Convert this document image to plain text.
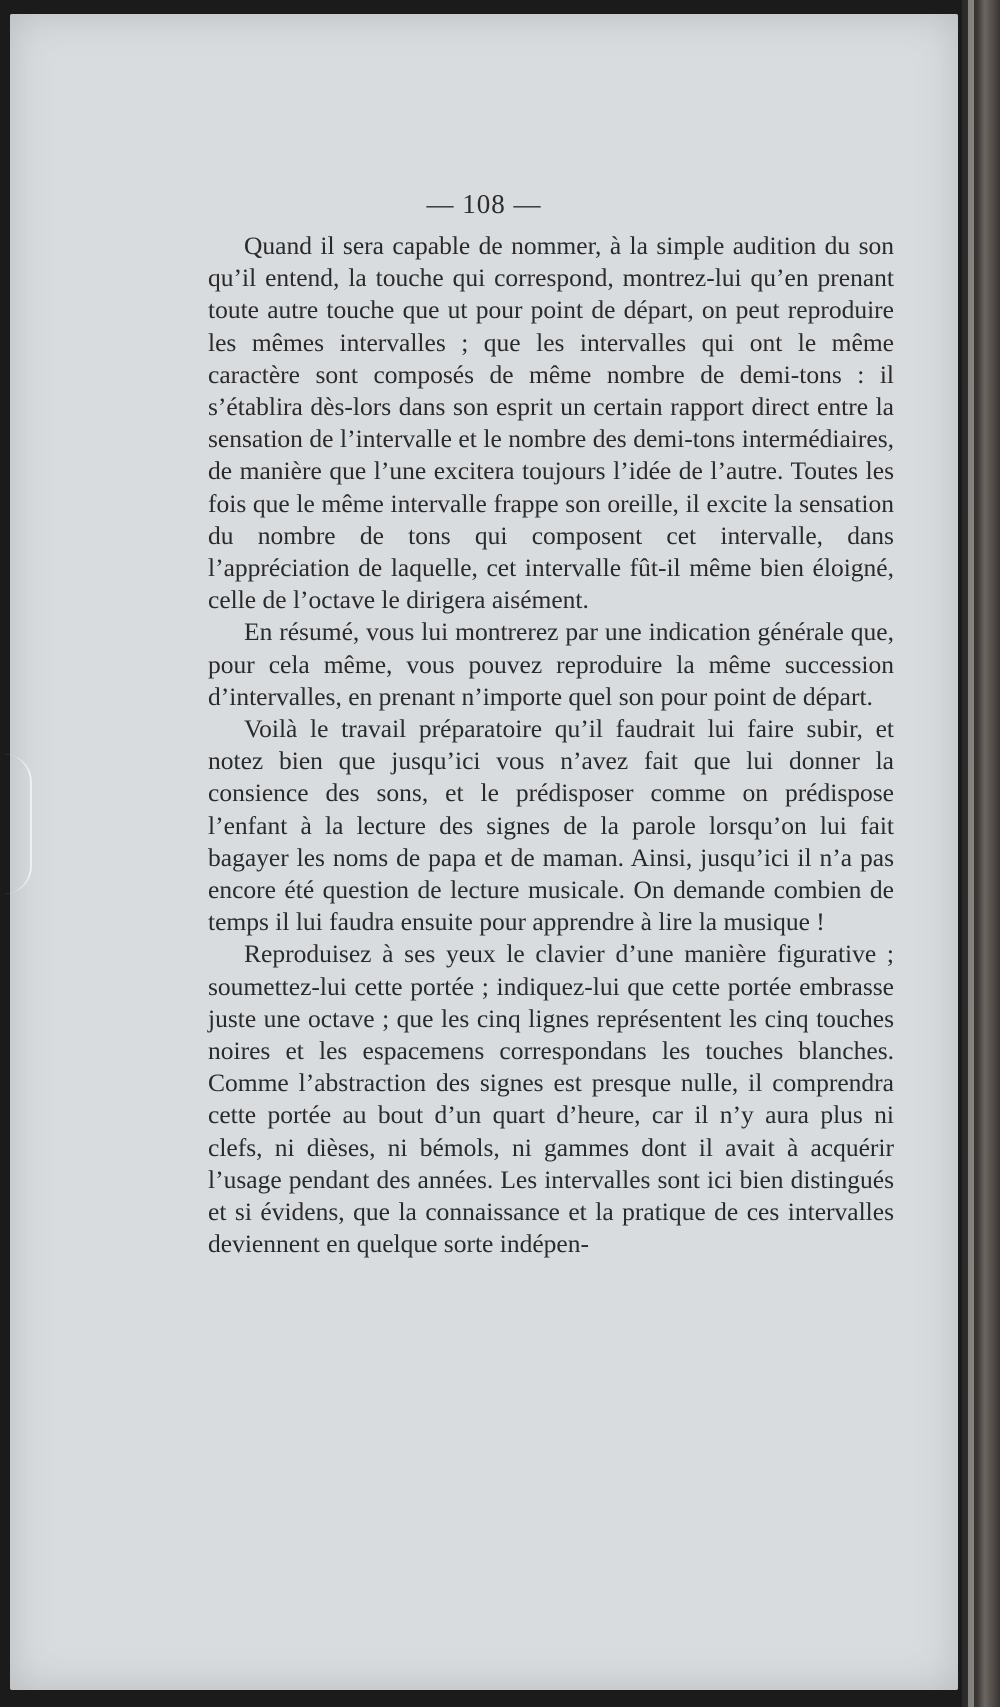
— 108 —

Quand il sera capable de nommer, à la simple audition du son qu’il entend, la touche qui correspond, montrez-lui qu’en prenant toute autre touche que ut pour point de départ, on peut reproduire les mêmes intervalles ; que les intervalles qui ont le même caractère sont composés de même nombre de demi-tons : il s’établira dès-lors dans son esprit un certain rapport direct entre la sensation de l’intervalle et le nombre des demi-tons intermédiaires, de manière que l’une excitera toujours l’idée de l’autre. Toutes les fois que le même intervalle frappe son oreille, il excite la sensation du nombre de tons qui composent cet intervalle, dans l’appréciation de laquelle, cet intervalle fût-il même bien éloigné, celle de l’octave le dirigera aisément.

En résumé, vous lui montrerez par une indication générale que, pour cela même, vous pouvez reproduire la même succession d’intervalles, en prenant n’importe quel son pour point de départ.

Voilà le travail préparatoire qu’il faudrait lui faire subir, et notez bien que jusqu’ici vous n’avez fait que lui donner la consience des sons, et le prédisposer comme on prédispose l’enfant à la lecture des signes de la parole lorsqu’on lui fait bagayer les noms de papa et de maman. Ainsi, jusqu’ici il n’a pas encore été question de lecture musicale. On demande combien de temps il lui faudra ensuite pour apprendre à lire la musique !

Reproduisez à ses yeux le clavier d’une manière figurative ; soumettez-lui cette portée ; indiquez-lui que cette portée embrasse juste une octave ; que les cinq lignes représentent les cinq touches noires et les espacemens correspondans les touches blanches. Comme l’abstraction des signes est presque nulle, il comprendra cette portée au bout d’un quart d’heure, car il n’y aura plus ni clefs, ni dièses, ni bémols, ni gammes dont il avait à acquérir l’usage pendant des années. Les intervalles sont ici bien distingués et si évidens, que la connaissance et la pratique de ces intervalles deviennent en quelque sorte indépen-
